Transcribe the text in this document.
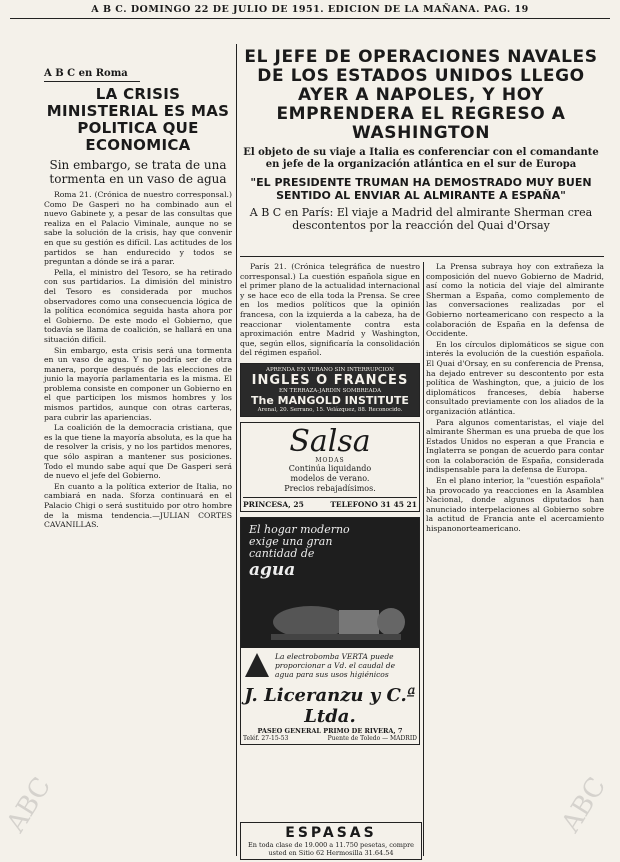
A B C. DOMINGO 22 DE JULIO DE 1951. EDICION DE LA MAÑANA. PAG. 19
A B C en Roma
LA CRISIS MINISTERIAL ES MAS POLITICA QUE ECONOMICA
Sin embargo, se trata de una tormenta en un vaso de agua

Roma 21. (Crónica de nuestro corresponsal.) Como De Gasperi no ha combinado aun el nuevo Gabinete y, a pesar de las consultas que realiza en el Palacio Viminale, aunque no se sabe la solución de la crisis, hay que convenir en que su gestión es difícil. Las actitudes de los partidos se han endurecido y todos se preguntan a dónde se irá a parar.

Pella, el ministro del Tesoro, se ha retirado con sus partidarios. La dimisión del ministro del Tesoro es considerada por muchos observadores como una consecuencia lógica de la política económica seguida hasta ahora por el Gobierno. De este modo el Gobierno, que todavía se llama de coalición, se hallará en una situación difícil.

Sin embargo, esta crisis será una tormenta en un vaso de agua. Y no podría ser de otra manera, porque después de las elecciones de junio la mayoría parlamentaria es la misma. El problema consiste en componer un Gobierno en el que participen los mismos hombres y los mismos partidos, aunque con otras carteras, para cubrir las apariencias.

La coalición de la democracia cristiana, que es la que tiene la mayoría absoluta, es la que ha de resolver la crisis, y no los partidos menores, que sólo aspiran a mantener sus posiciones. Todo el mundo sabe aquí que De Gasperi será de nuevo el jefe del Gobierno.

En cuanto a la política exterior de Italia, no cambiará en nada. Sforza continuará en el Palacio Chigi o será sustituido por otro hombre de la misma tendencia.—JULIAN CORTES CAVANILLAS.

EL JEFE DE OPERACIONES NAVALES DE LOS ESTADOS UNIDOS LLEGO AYER A NAPOLES, Y HOY EMPRENDERA EL REGRESO A WASHINGTON
El objeto de su viaje a Italia es conferenciar con el comandante en jefe de la organización atlántica en el sur de Europa
"EL PRESIDENTE TRUMAN HA DEMOSTRADO MUY BUEN SENTIDO AL ENVIAR AL ALMIRANTE A ESPAÑA"
A B C en París: El viaje a Madrid del almirante Sherman crea descontentos por la reacción del Quai d'Orsay

París 21. (Crónica telegráfica de nuestro corresponsal.) La cuestión española sigue en el primer plano de la actualidad internacional y se hace eco de ella toda la Prensa. Se cree en los medios políticos que la opinión francesa, con la izquierda a la cabeza, ha de reaccionar violentamente contra esta aproximación entre Madrid y Washington, que, según ellos, significaría la consolidación del régimen español.

APRENDA EN VERANO SIN INTERRUPCION
INGLES O FRANCES
EN TERRAZA-JARDIN SOMBREADA
The MANGOLD INSTITUTE
Arenal, 20. Serrano, 15. Velázquez, 88. Reconocido.
Salsa
MODAS
Continúa liquidando
modelos de verano.
Precios rebajadísimos.
PRINCESA, 25	TELEFONO 31 45 21
El hogar moderno
exige una gran
cantidad de
agua
La electrobomba VERTA puede proporcionar a Vd. el caudal de agua para sus usos higiénicos
J. Liceranzu y C.ª Ltda.
PASEO GENERAL PRIMO DE RIVERA, 7
Teléf. 27-15-53	Puente de Toledo — MADRID
ESPASAS
En toda clase de 19.000 a 11.750 pesetas, compre usted en Sitio 62 Hermosilla 31.64.54

La Prensa subraya hoy con extrañeza la composición del nuevo Gobierno de Madrid, así como la noticia del viaje del almirante Sherman a España, como complemento de las conversaciones realizadas por el Gobierno norteamericano con respecto a la colaboración de España en la defensa de Occidente.

En los círculos diplomáticos se sigue con interés la evolución de la cuestión española. El Quai d'Orsay, en su conferencia de Prensa, ha dejado entrever su descontento por esta política de Washington, que, a juicio de los diplomáticos franceses, debía haberse consultado previamente con los aliados de la organización atlántica.

Para algunos comentaristas, el viaje del almirante Sherman es una prueba de que los Estados Unidos no esperan a que Francia e Inglaterra se pongan de acuerdo para contar con la colaboración de España, considerada indispensable para la defensa de Europa.

En el plano interior, la "cuestión española" ha provocado ya reacciones en la Asamblea Nacional, donde algunos diputados han anunciado interpelaciones al Gobierno sobre la actitud de Francia ante el acercamiento hispanonorteamericano.

ABC	ABC
